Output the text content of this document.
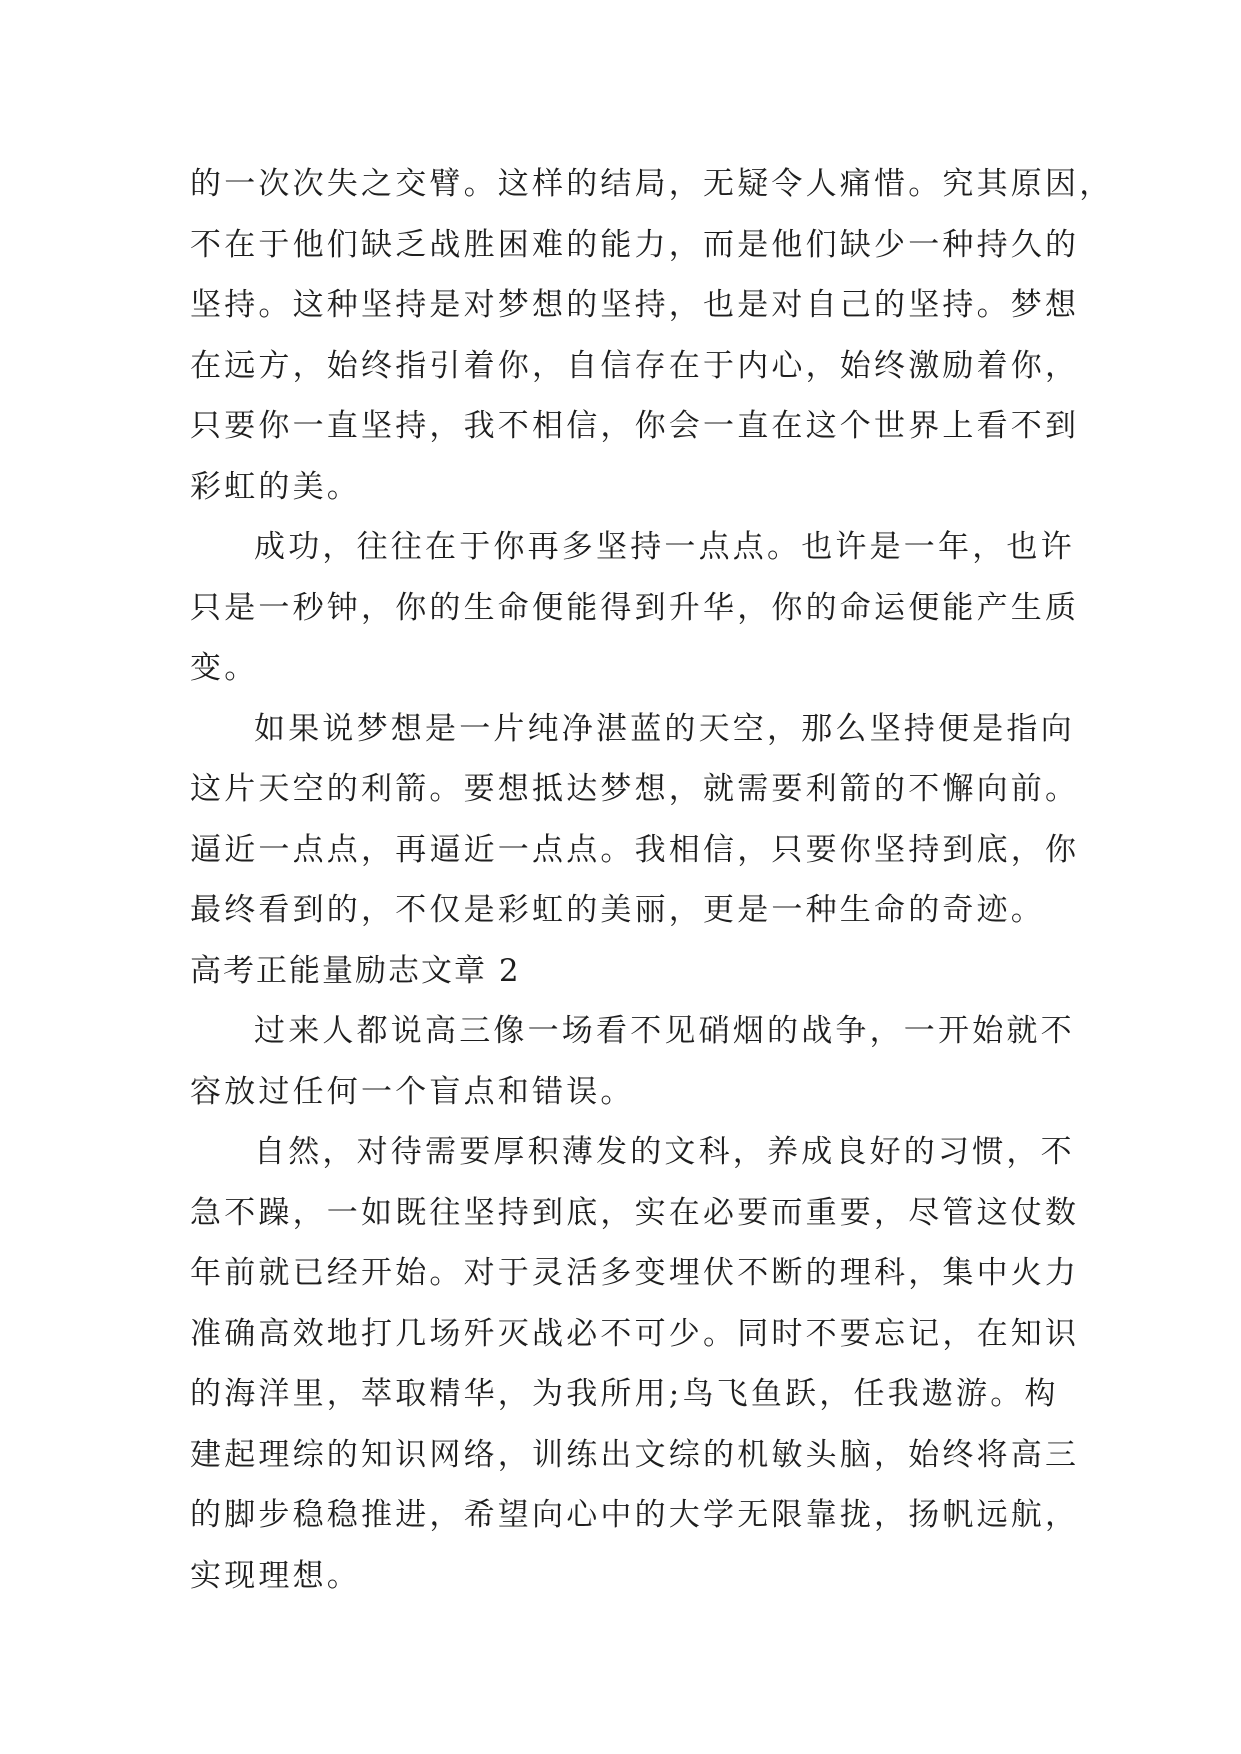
的一次次失之交臂。这样的结局，无疑令人痛惜。究其原因，
不在于他们缺乏战胜困难的能力，而是他们缺少一种持久的
坚持。这种坚持是对梦想的坚持，也是对自己的坚持。梦想
在远方，始终指引着你，自信存在于内心，始终激励着你，
只要你一直坚持，我不相信，你会一直在这个世界上看不到
彩虹的美。

成功，往往在于你再多坚持一点点。也许是一年，也许
只是一秒钟，你的生命便能得到升华，你的命运便能产生质
变。

如果说梦想是一片纯净湛蓝的天空，那么坚持便是指向
这片天空的利箭。要想抵达梦想，就需要利箭的不懈向前。
逼近一点点，再逼近一点点。我相信，只要你坚持到底，你
最终看到的，不仅是彩虹的美丽，更是一种生命的奇迹。

高考正能量励志文章 2

过来人都说高三像一场看不见硝烟的战争，一开始就不
容放过任何一个盲点和错误。

自然，对待需要厚积薄发的文科，养成良好的习惯，不
急不躁，一如既往坚持到底，实在必要而重要，尽管这仗数
年前就已经开始。对于灵活多变埋伏不断的理科，集中火力
准确高效地打几场歼灭战必不可少。同时不要忘记，在知识
的海洋里，萃取精华，为我所用;鸟飞鱼跃，任我遨游。构
建起理综的知识网络，训练出文综的机敏头脑，始终将高三
的脚步稳稳推进，希望向心中的大学无限靠拢，扬帆远航，
实现理想。
